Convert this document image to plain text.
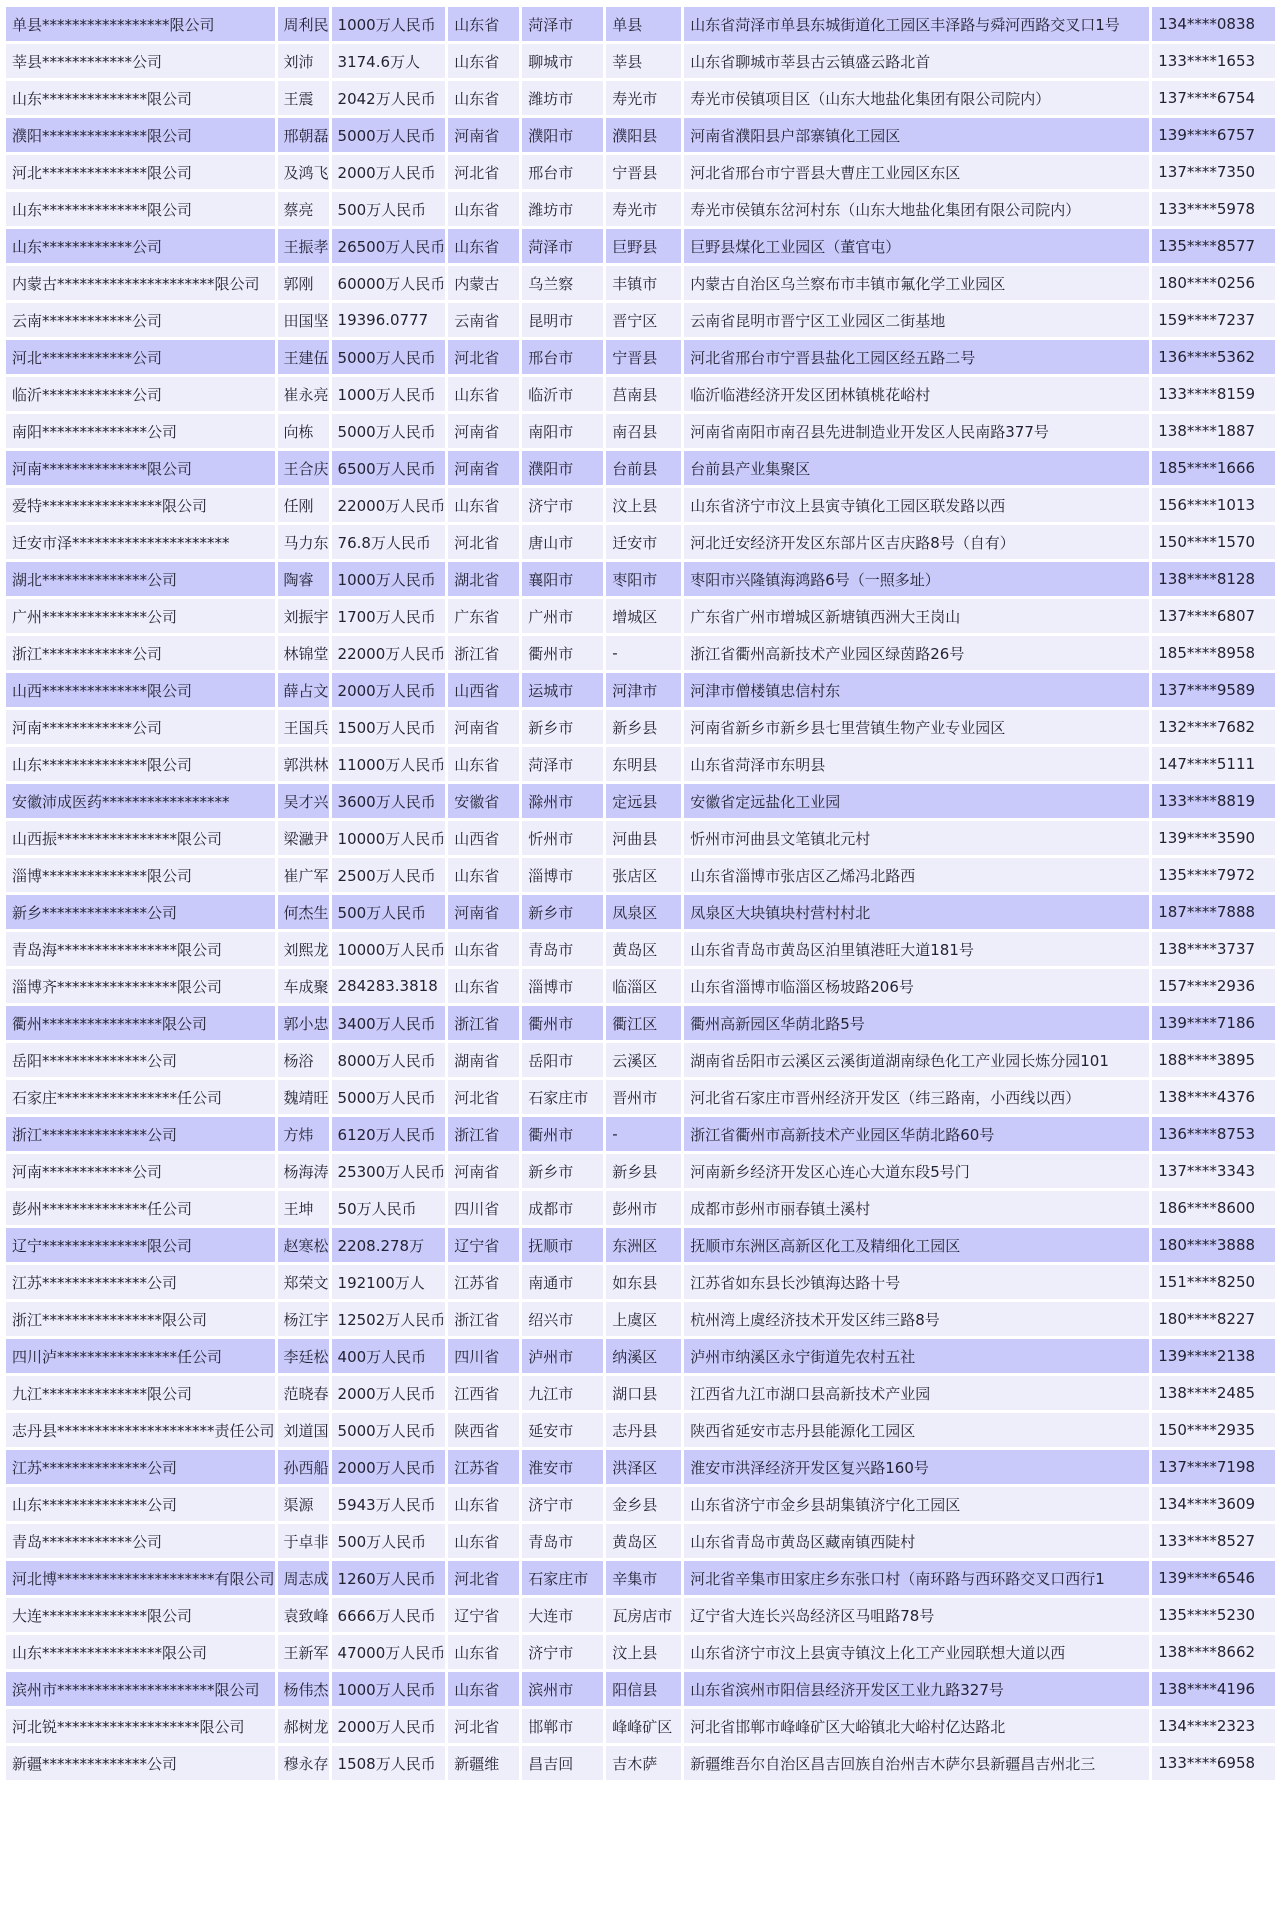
单县*****************限公司	周利民	1000万人民币	山东省	菏泽市	单县	山东省菏泽市单县东城街道化工园区丰泽路与舜河西路交叉口1号	134****0838
莘县************公司	刘沛	3174.6万人	山东省	聊城市	莘县	山东省聊城市莘县古云镇盛云路北首	133****1653
山东**************限公司	王震	2042万人民币	山东省	潍坊市	寿光市	寿光市侯镇项目区（山东大地盐化集团有限公司院内）	137****6754
濮阳**************限公司	邢朝磊	5000万人民币	河南省	濮阳市	濮阳县	河南省濮阳县户部寨镇化工园区	139****6757
河北**************限公司	及鸿飞	2000万人民币	河北省	邢台市	宁晋县	河北省邢台市宁晋县大曹庄工业园区东区	137****7350
山东**************限公司	蔡亮	500万人民币	山东省	潍坊市	寿光市	寿光市侯镇东岔河村东（山东大地盐化集团有限公司院内）	133****5978
山东************公司	王振孝	26500万人民币	山东省	菏泽市	巨野县	巨野县煤化工业园区（董官屯）	135****8577
内蒙古*********************限公司	郭刚	60000万人民币	内蒙古	乌兰察	丰镇市	内蒙古自治区乌兰察布市丰镇市氟化学工业园区	180****0256
云南************公司	田国坚	19396.0777	云南省	昆明市	晋宁区	云南省昆明市晋宁区工业园区二街基地	159****7237
河北************公司	王建伍	5000万人民币	河北省	邢台市	宁晋县	河北省邢台市宁晋县盐化工园区经五路二号	136****5362
临沂************公司	崔永亮	1000万人民币	山东省	临沂市	莒南县	临沂临港经济开发区团林镇桃花峪村	133****8159
南阳**************公司	向栋	5000万人民币	河南省	南阳市	南召县	河南省南阳市南召县先进制造业开发区人民南路377号	138****1887
河南**************限公司	王合庆	6500万人民币	河南省	濮阳市	台前县	台前县产业集聚区	185****1666
爱特****************限公司	任刚	22000万人民币	山东省	济宁市	汶上县	山东省济宁市汶上县寅寺镇化工园区联发路以西	156****1013
迁安市泽*********************	马力东	76.8万人民币	河北省	唐山市	迁安市	河北迁安经济开发区东部片区吉庆路8号（自有）	150****1570
湖北**************公司	陶睿	1000万人民币	湖北省	襄阳市	枣阳市	枣阳市兴隆镇海鸿路6号（一照多址）	138****8128
广州**************公司	刘振宇	1700万人民币	广东省	广州市	增城区	广东省广州市增城区新塘镇西洲大王岗山	137****6807
浙江************公司	林锦堂	22000万人民币	浙江省	衢州市	-	浙江省衢州高新技术产业园区绿茵路26号	185****8958
山西**************限公司	薛占文	2000万人民币	山西省	运城市	河津市	河津市僧楼镇忠信村东	137****9589
河南************公司	王国兵	1500万人民币	河南省	新乡市	新乡县	河南省新乡市新乡县七里营镇生物产业专业园区	132****7682
山东**************限公司	郭洪林	11000万人民币	山东省	菏泽市	东明县	山东省菏泽市东明县	147****5111
安徽沛成医药*****************	吴才兴	3600万人民币	安徽省	滁州市	定远县	安徽省定远盐化工业园	133****8819
山西振****************限公司	梁瀜尹	10000万人民币	山西省	忻州市	河曲县	忻州市河曲县文笔镇北元村	139****3590
淄博**************限公司	崔广军	2500万人民币	山东省	淄博市	张店区	山东省淄博市张店区乙烯冯北路西	135****7972
新乡**************公司	何杰生	500万人民币	河南省	新乡市	凤泉区	凤泉区大块镇块村营村村北	187****7888
青岛海****************限公司	刘熙龙	10000万人民币	山东省	青岛市	黄岛区	山东省青岛市黄岛区泊里镇港旺大道181号	138****3737
淄博齐****************限公司	车成聚	284283.3818	山东省	淄博市	临淄区	山东省淄博市临淄区杨坡路206号	157****2936
衢州****************限公司	郭小忠	3400万人民币	浙江省	衢州市	衢江区	衢州高新园区华荫北路5号	139****7186
岳阳**************公司	杨浴	8000万人民币	湖南省	岳阳市	云溪区	湖南省岳阳市云溪区云溪街道湖南绿色化工产业园长炼分园101	188****3895
石家庄****************任公司	魏靖旺	5000万人民币	河北省	石家庄市	晋州市	河北省石家庄市晋州经济开发区（纬三路南，小西线以西）	138****4376
浙江**************公司	方炜	6120万人民币	浙江省	衢州市	-	浙江省衢州市高新技术产业园区华荫北路60号	136****8753
河南************公司	杨海涛	25300万人民币	河南省	新乡市	新乡县	河南新乡经济开发区心连心大道东段5号门	137****3343
彭州**************任公司	王坤	50万人民币	四川省	成都市	彭州市	成都市彭州市丽春镇土溪村	186****8600
辽宁**************限公司	赵寒松	2208.278万	辽宁省	抚顺市	东洲区	抚顺市东洲区高新区化工及精细化工园区	180****3888
江苏**************公司	郑荣文	192100万人	江苏省	南通市	如东县	江苏省如东县长沙镇海达路十号	151****8250
浙江****************限公司	杨江宇	12502万人民币	浙江省	绍兴市	上虞区	杭州湾上虞经济技术开发区纬三路8号	180****8227
四川泸****************任公司	李廷松	400万人民币	四川省	泸州市	纳溪区	泸州市纳溪区永宁街道先农村五社	139****2138
九江**************限公司	范晓春	2000万人民币	江西省	九江市	湖口县	江西省九江市湖口县高新技术产业园	138****2485
志丹县*********************责任公司	刘道国	5000万人民币	陕西省	延安市	志丹县	陕西省延安市志丹县能源化工园区	150****2935
江苏**************公司	孙西船	2000万人民币	江苏省	淮安市	洪泽区	淮安市洪泽经济开发区复兴路160号	137****7198
山东**************公司	渠源	5943万人民币	山东省	济宁市	金乡县	山东省济宁市金乡县胡集镇济宁化工园区	134****3609
青岛************公司	于卓非	500万人民币	山东省	青岛市	黄岛区	山东省青岛市黄岛区藏南镇西陡村	133****8527
河北博*********************有限公司	周志成	1260万人民币	河北省	石家庄市	辛集市	河北省辛集市田家庄乡东张口村（南环路与西环路交叉口西行1	139****6546
大连**************限公司	袁致峰	6666万人民币	辽宁省	大连市	瓦房店市	辽宁省大连长兴岛经济区马咀路78号	135****5230
山东****************限公司	王新军	47000万人民币	山东省	济宁市	汶上县	山东省济宁市汶上县寅寺镇汶上化工产业园联想大道以西	138****8662
滨州市*********************限公司	杨伟杰	1000万人民币	山东省	滨州市	阳信县	山东省滨州市阳信县经济开发区工业九路327号	138****4196
河北锐*******************限公司	郝树龙	2000万人民币	河北省	邯郸市	峰峰矿区	河北省邯郸市峰峰矿区大峪镇北大峪村亿达路北	134****2323
新疆**************公司	穆永存	1508万人民币	新疆维	昌吉回	吉木萨	新疆维吾尔自治区昌吉回族自治州吉木萨尔县新疆昌吉州北三	133****6958
